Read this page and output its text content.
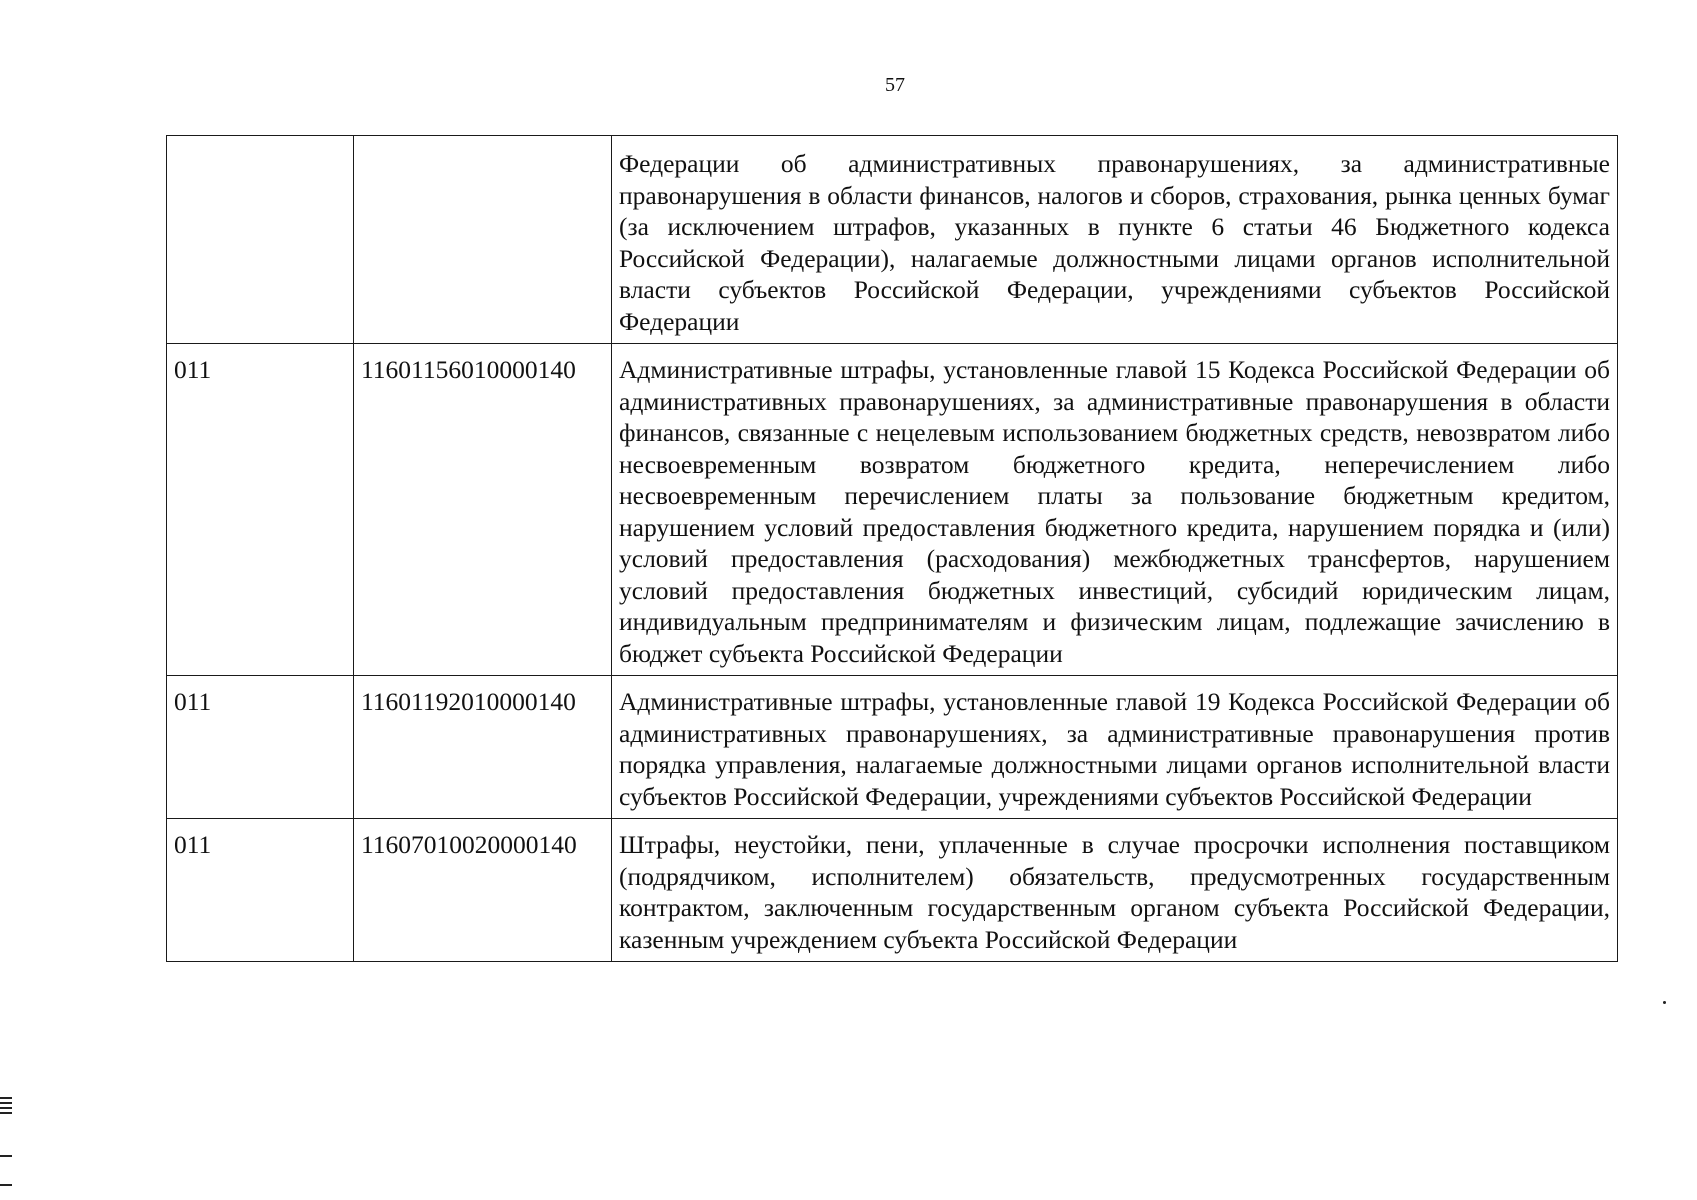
57
		Федерации об административных правонарушениях, за административные правонарушения в области финансов, налогов и сборов, страхования, рынка ценных бумаг (за исключением штрафов, указанных в пункте 6 статьи 46 Бюджетного кодекса Российской Федерации), налагаемые должностными лицами органов исполнительной власти субъектов Российской Федерации, учреждениями субъектов Российской Федерации
011	11601156010000140	Административные штрафы, установленные главой 15 Кодекса Российской Федерации об административных правонарушениях, за административные правонарушения в области финансов, связанные с нецелевым использованием бюджетных средств, невозвратом либо несвоевременным возвратом бюджетного кредита, неперечислением либо несвоевременным перечислением платы за пользование бюджетным кредитом, нарушением условий предоставления бюджетного кредита, нарушением порядка и (или) условий предоставления (расходования) межбюджетных трансфертов, нарушением условий предоставления бюджетных инвестиций, субсидий юридическим лицам, индивидуальным предпринимателям и физическим лицам, подлежащие зачислению в бюджет субъекта Российской Федерации
011	11601192010000140	Административные штрафы, установленные главой 19 Кодекса Российской Федерации об административных правонарушениях, за административные правонарушения против порядка управления, налагаемые должностными лицами органов исполнительной власти субъектов Российской Федерации, учреждениями субъектов Российской Федерации
011	11607010020000140	Штрафы, неустойки, пени, уплаченные в случае просрочки исполнения поставщиком (подрядчиком, исполнителем) обязательств, предусмотренных государственным контрактом, заключенным государственным органом субъекта Российской Федерации, казенным учреждением субъекта Российской Федерации
